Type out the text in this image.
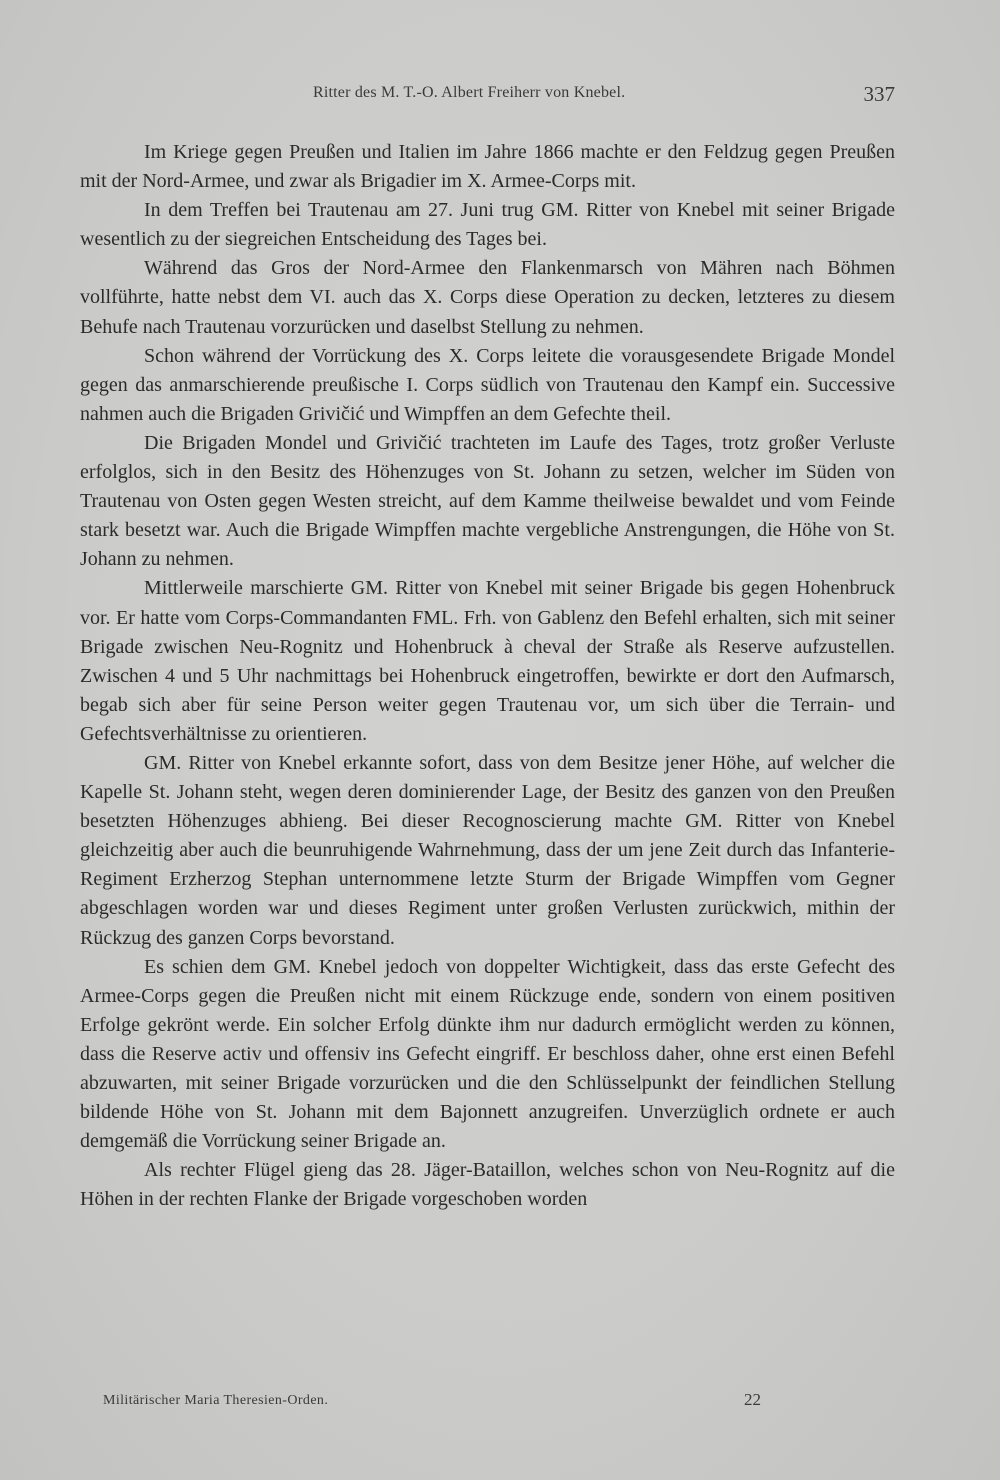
Ritter des M. T.-O. Albert Freiherr von Knebel.	337

Im Kriege gegen Preußen und Italien im Jahre 1866 machte er den Feldzug gegen Preußen mit der Nord-Armee, und zwar als Brigadier im X. Armee-Corps mit.

In dem Treffen bei Trautenau am 27. Juni trug GM. Ritter von Knebel mit seiner Brigade wesentlich zu der siegreichen Entscheidung des Tages bei.

Während das Gros der Nord-Armee den Flankenmarsch von Mähren nach Böhmen vollführte, hatte nebst dem VI. auch das X. Corps diese Operation zu decken, letzteres zu diesem Behufe nach Trautenau vorzurücken und daselbst Stellung zu nehmen.

Schon während der Vorrückung des X. Corps leitete die vorausgesendete Brigade Mondel gegen das anmarschierende preußische I. Corps südlich von Trautenau den Kampf ein. Successive nahmen auch die Brigaden Grivičić und Wimpffen an dem Gefechte theil.

Die Brigaden Mondel und Grivičić trachteten im Laufe des Tages, trotz großer Verluste erfolglos, sich in den Besitz des Höhenzuges von St. Johann zu setzen, welcher im Süden von Trautenau von Osten gegen Westen streicht, auf dem Kamme theilweise bewaldet und vom Feinde stark besetzt war. Auch die Brigade Wimpffen machte vergebliche Anstrengungen, die Höhe von St. Johann zu nehmen.

Mittlerweile marschierte GM. Ritter von Knebel mit seiner Brigade bis gegen Hohenbruck vor. Er hatte vom Corps-Commandanten FML. Frh. von Gablenz den Befehl erhalten, sich mit seiner Brigade zwischen Neu-Rognitz und Hohenbruck à cheval der Straße als Reserve aufzustellen. Zwischen 4 und 5 Uhr nachmittags bei Hohenbruck eingetroffen, bewirkte er dort den Aufmarsch, begab sich aber für seine Person weiter gegen Trautenau vor, um sich über die Terrain- und Gefechtsverhältnisse zu orientieren.

GM. Ritter von Knebel erkannte sofort, dass von dem Besitze jener Höhe, auf welcher die Kapelle St. Johann steht, wegen deren dominierender Lage, der Besitz des ganzen von den Preußen besetzten Höhenzuges abhieng. Bei dieser Recognoscierung machte GM. Ritter von Knebel gleichzeitig aber auch die beunruhigende Wahrnehmung, dass der um jene Zeit durch das Infanterie-Regiment Erzherzog Stephan unternommene letzte Sturm der Brigade Wimpffen vom Gegner abgeschlagen worden war und dieses Regiment unter großen Verlusten zurückwich, mithin der Rückzug des ganzen Corps bevorstand.

Es schien dem GM. Knebel jedoch von doppelter Wichtigkeit, dass das erste Gefecht des Armee-Corps gegen die Preußen nicht mit einem Rückzuge ende, sondern von einem positiven Erfolge gekrönt werde. Ein solcher Erfolg dünkte ihm nur dadurch ermöglicht werden zu können, dass die Reserve activ und offensiv ins Gefecht eingriff. Er beschloss daher, ohne erst einen Befehl abzuwarten, mit seiner Brigade vorzurücken und die den Schlüsselpunkt der feindlichen Stellung bildende Höhe von St. Johann mit dem Bajonnett anzugreifen. Unverzüglich ordnete er auch demgemäß die Vorrückung seiner Brigade an.

Als rechter Flügel gieng das 28. Jäger-Bataillon, welches schon von Neu-Rognitz auf die Höhen in der rechten Flanke der Brigade vorgeschoben worden

Militärischer Maria Theresien-Orden.	22
